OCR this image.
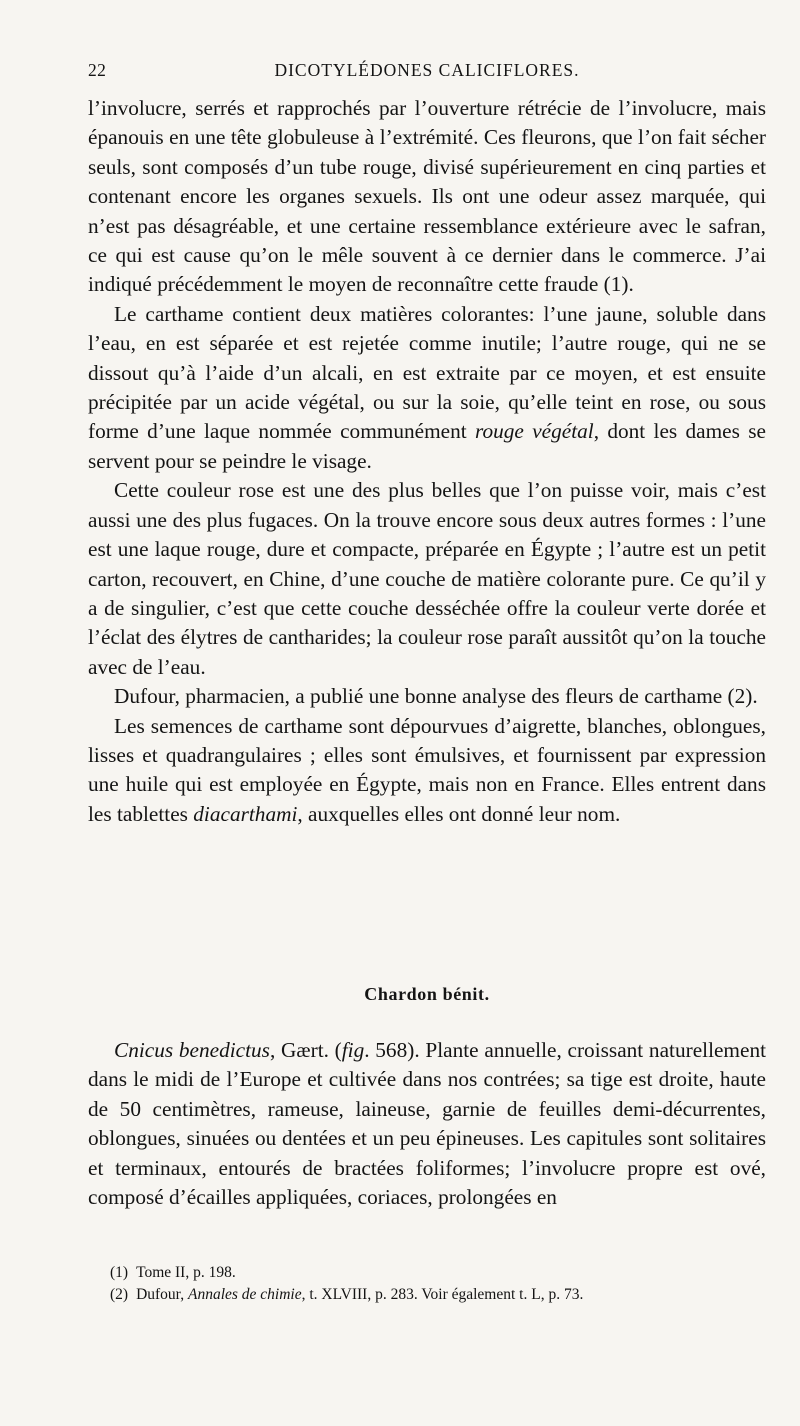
22	DICOTYLÉDONES CALICIFLORES.

l’involucre, serrés et rapprochés par l’ouverture rétrécie de l’involucre, mais épanouis en une tête globuleuse à l’extrémité. Ces fleurons, que l’on fait sécher seuls, sont composés d’un tube rouge, divisé supérieurement en cinq parties et contenant encore les organes sexuels. Ils ont une odeur assez marquée, qui n’est pas désagréable, et une certaine ressemblance extérieure avec le safran, ce qui est cause qu’on le mêle souvent à ce dernier dans le commerce. J’ai indiqué précédemment le moyen de reconnaître cette fraude (1).

Le carthame contient deux matières colorantes: l’une jaune, soluble dans l’eau, en est séparée et est rejetée comme inutile; l’autre rouge, qui ne se dissout qu’à l’aide d’un alcali, en est extraite par ce moyen, et est ensuite précipitée par un acide végétal, ou sur la soie, qu’elle teint en rose, ou sous forme d’une laque nommée communément rouge végétal, dont les dames se servent pour se peindre le visage.

Cette couleur rose est une des plus belles que l’on puisse voir, mais c’est aussi une des plus fugaces. On la trouve encore sous deux autres formes : l’une est une laque rouge, dure et compacte, préparée en Égypte ; l’autre est un petit carton, recouvert, en Chine, d’une couche de matière colorante pure. Ce qu’il y a de singulier, c’est que cette couche desséchée offre la couleur verte dorée et l’éclat des élytres de cantharides; la couleur rose paraît aussitôt qu’on la touche avec de l’eau.

Dufour, pharmacien, a publié une bonne analyse des fleurs de carthame (2).

Les semences de carthame sont dépourvues d’aigrette, blanches, oblongues, lisses et quadrangulaires ; elles sont émulsives, et fournissent par expression une huile qui est employée en Égypte, mais non en France. Elles entrent dans les tablettes diacarthami, auxquelles elles ont donné leur nom.

Chardon bénit.

Cnicus benedictus, Gært. (fig. 568). Plante annuelle, croissant naturellement dans le midi de l’Europe et cultivée dans nos contrées; sa tige est droite, haute de 50 centimètres, rameuse, laineuse, garnie de feuilles demi-décurrentes, oblongues, sinuées ou dentées et un peu épineuses. Les capitules sont solitaires et terminaux, entourés de bractées foliformes; l’involucre propre est ové, composé d’écailles appliquées, coriaces, prolongées en

(1) Tome II, p. 198.
(2) Dufour, Annales de chimie, t. XLVIII, p. 283. Voir également t. L, p. 73.
